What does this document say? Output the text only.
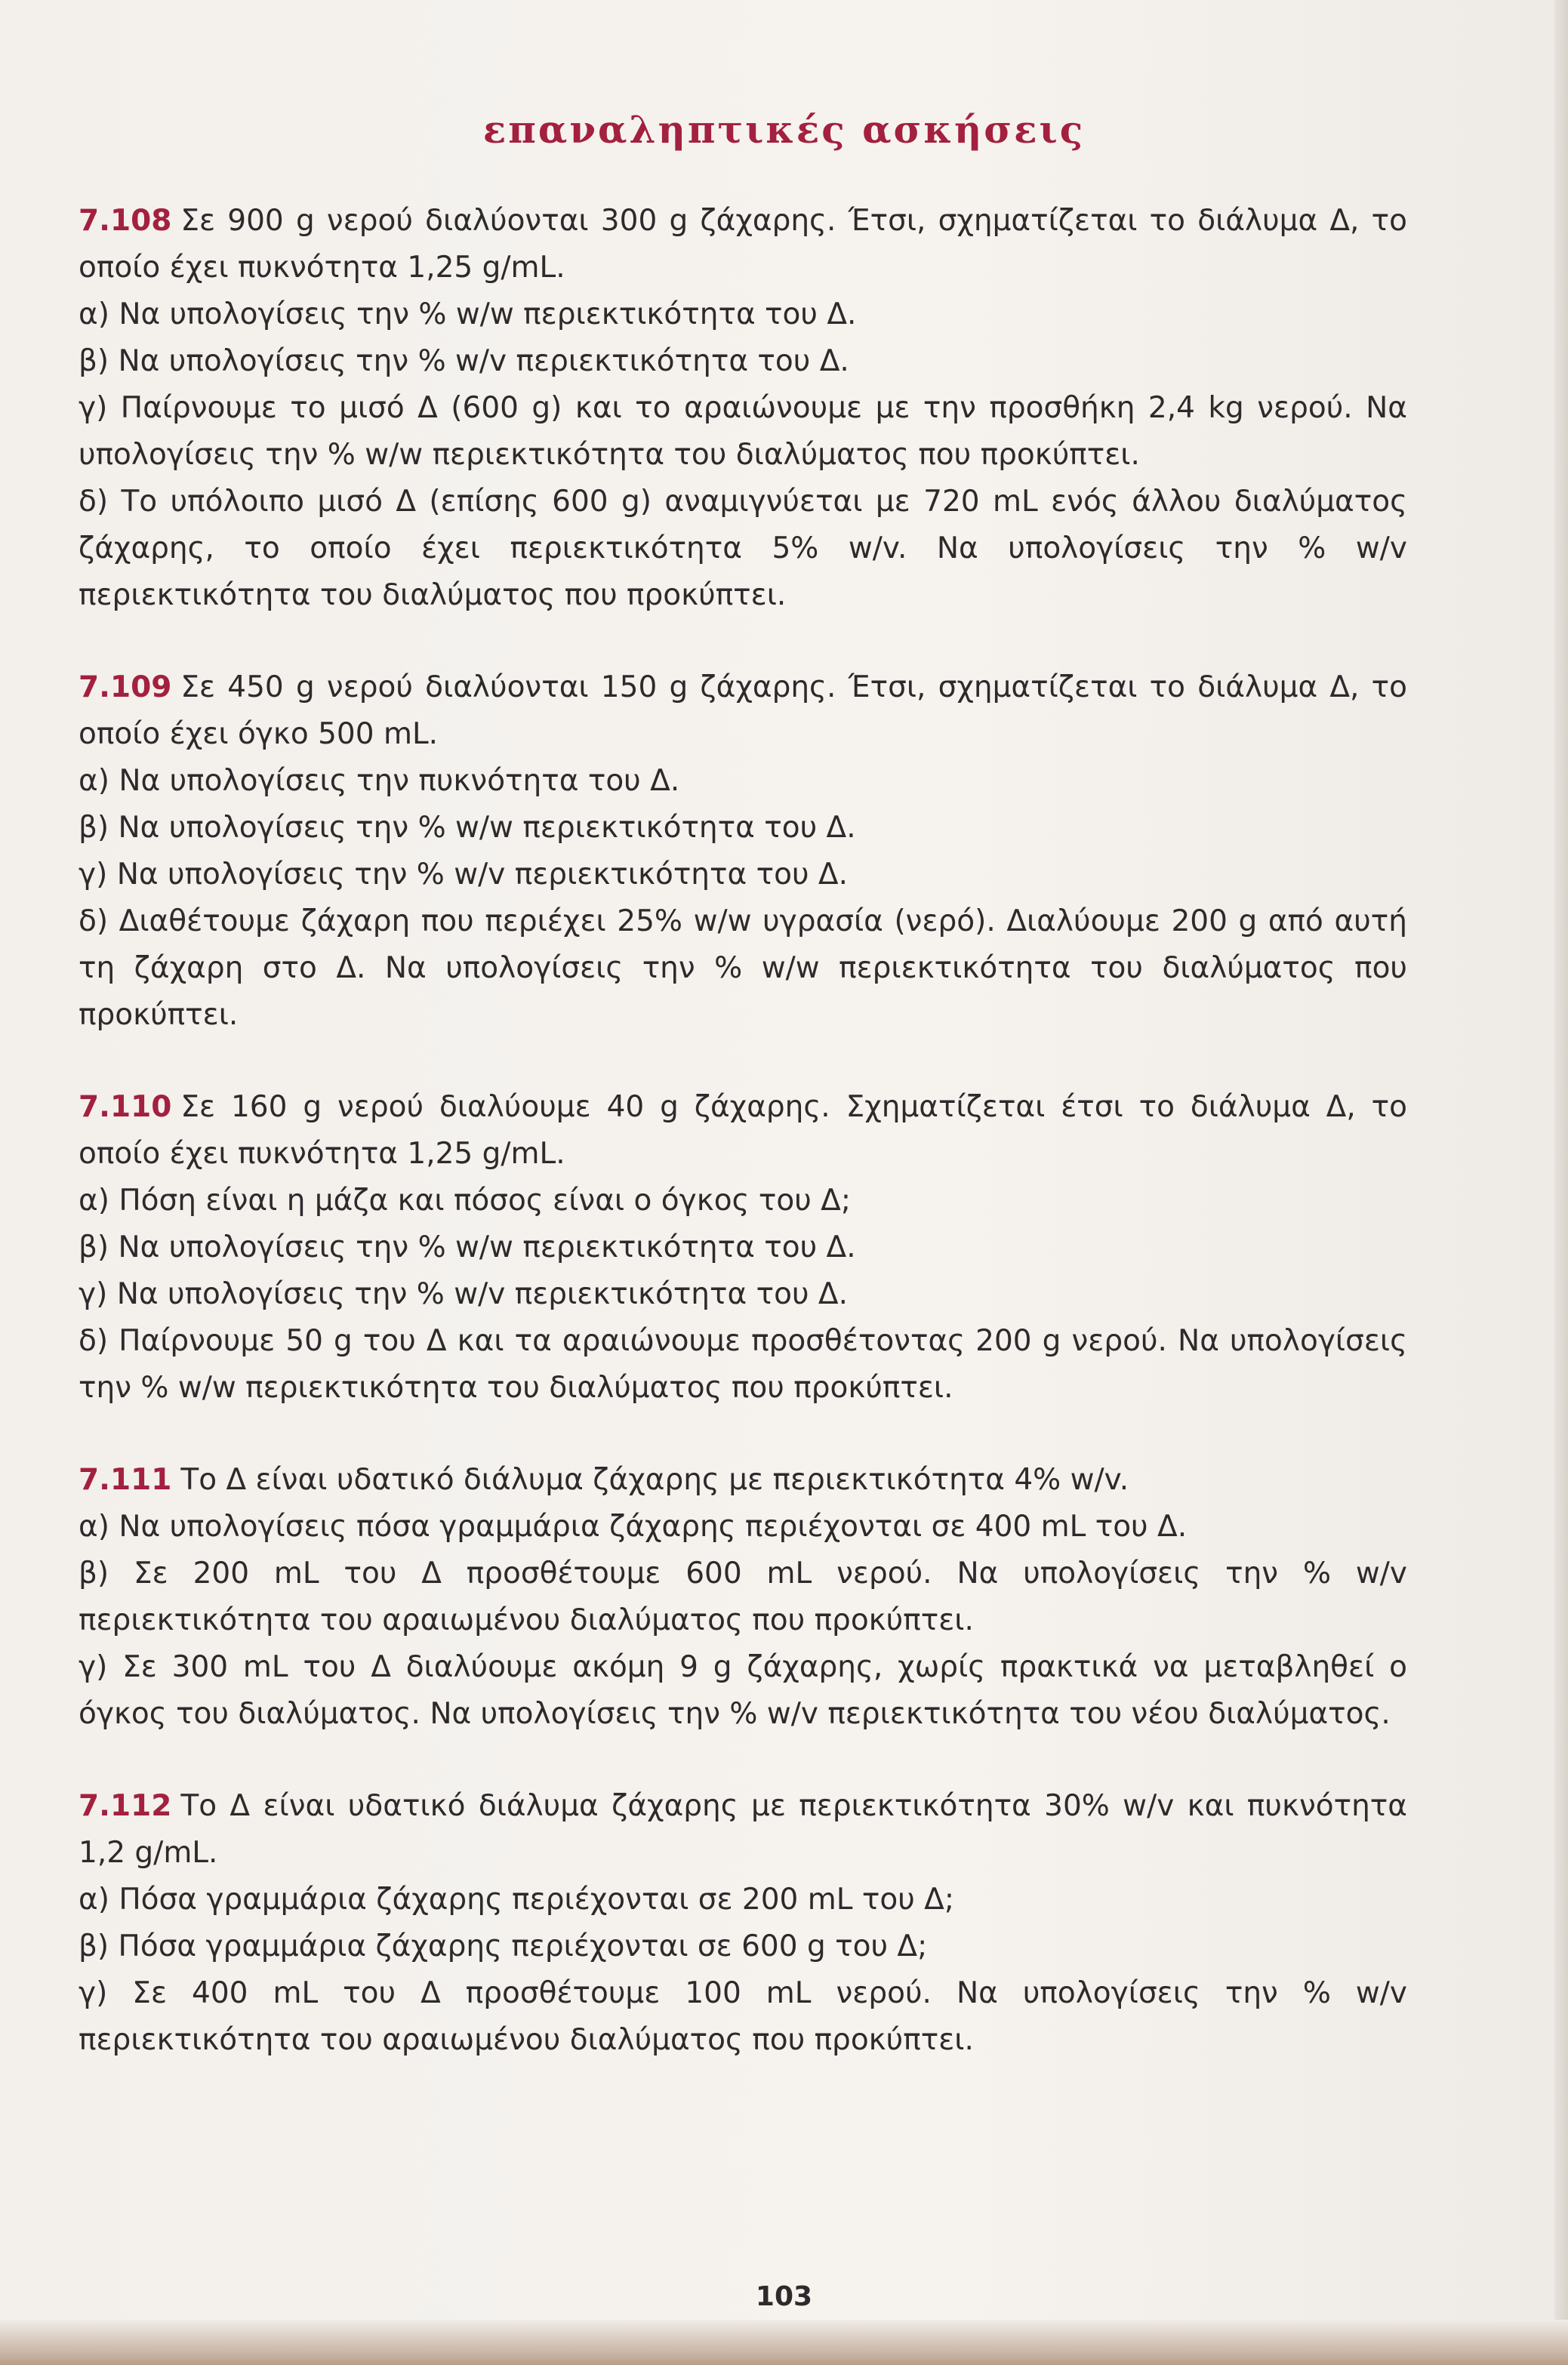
επαναληπτικές ασκήσεις

7.108 Σε 900 g νερού διαλύονται 300 g ζάχαρης. Έτσι, σχηματίζεται το διάλυμα Δ, το οποίο έχει πυκνότητα 1,25 g/mL.

α) Να υπολογίσεις την % w/w περιεκτικότητα του Δ.

β) Να υπολογίσεις την % w/v περιεκτικότητα του Δ.

γ) Παίρνουμε το μισό Δ (600 g) και το αραιώνουμε με την προσθήκη 2,4 kg νερού. Να υπολογίσεις την % w/w περιεκτικότητα του διαλύματος που προκύπτει.

δ) Το υπόλοιπο μισό Δ (επίσης 600 g) αναμιγνύεται με 720 mL ενός άλλου διαλύματος ζάχαρης, το οποίο έχει περιεκτικότητα 5% w/v. Να υπολογίσεις την % w/v περιεκτικότητα του διαλύματος που προκύπτει.

7.109 Σε 450 g νερού διαλύονται 150 g ζάχαρης. Έτσι, σχηματίζεται το διάλυμα Δ, το οποίο έχει όγκο 500 mL.

α) Να υπολογίσεις την πυκνότητα του Δ.

β) Να υπολογίσεις την % w/w περιεκτικότητα του Δ.

γ) Να υπολογίσεις την % w/v περιεκτικότητα του Δ.

δ) Διαθέτουμε ζάχαρη που περιέχει 25% w/w υγρασία (νερό). Διαλύουμε 200 g από αυτή τη ζάχαρη στο Δ. Να υπολογίσεις την % w/w περιεκτικότητα του διαλύματος που προκύπτει.

7.110 Σε 160 g νερού διαλύουμε 40 g ζάχαρης. Σχηματίζεται έτσι το διάλυμα Δ, το οποίο έχει πυκνότητα 1,25 g/mL.

α) Πόση είναι η μάζα και πόσος είναι ο όγκος του Δ;

β) Να υπολογίσεις την % w/w περιεκτικότητα του Δ.

γ) Να υπολογίσεις την % w/v περιεκτικότητα του Δ.

δ) Παίρνουμε 50 g του Δ και τα αραιώνουμε προσθέτοντας 200 g νερού. Να υπολογίσεις την % w/w περιεκτικότητα του διαλύματος που προκύπτει.

7.111 Το Δ είναι υδατικό διάλυμα ζάχαρης με περιεκτικότητα 4% w/v.

α) Να υπολογίσεις πόσα γραμμάρια ζάχαρης περιέχονται σε 400 mL του Δ.

β) Σε 200 mL του Δ προσθέτουμε 600 mL νερού. Να υπολογίσεις την % w/v περιεκτικότητα του αραιωμένου διαλύματος που προκύπτει.

γ) Σε 300 mL του Δ διαλύουμε ακόμη 9 g ζάχαρης, χωρίς πρακτικά να μεταβληθεί ο όγκος του διαλύματος. Να υπολογίσεις την % w/v περιεκτικότητα του νέου διαλύματος.

7.112 Το Δ είναι υδατικό διάλυμα ζάχαρης με περιεκτικότητα 30% w/v και πυκνότητα 1,2 g/mL.

α) Πόσα γραμμάρια ζάχαρης περιέχονται σε 200 mL του Δ;

β) Πόσα γραμμάρια ζάχαρης περιέχονται σε 600 g του Δ;

γ) Σε 400 mL του Δ προσθέτουμε 100 mL νερού. Να υπολογίσεις την % w/v περιεκτικότητα του αραιωμένου διαλύματος που προκύπτει.

103
